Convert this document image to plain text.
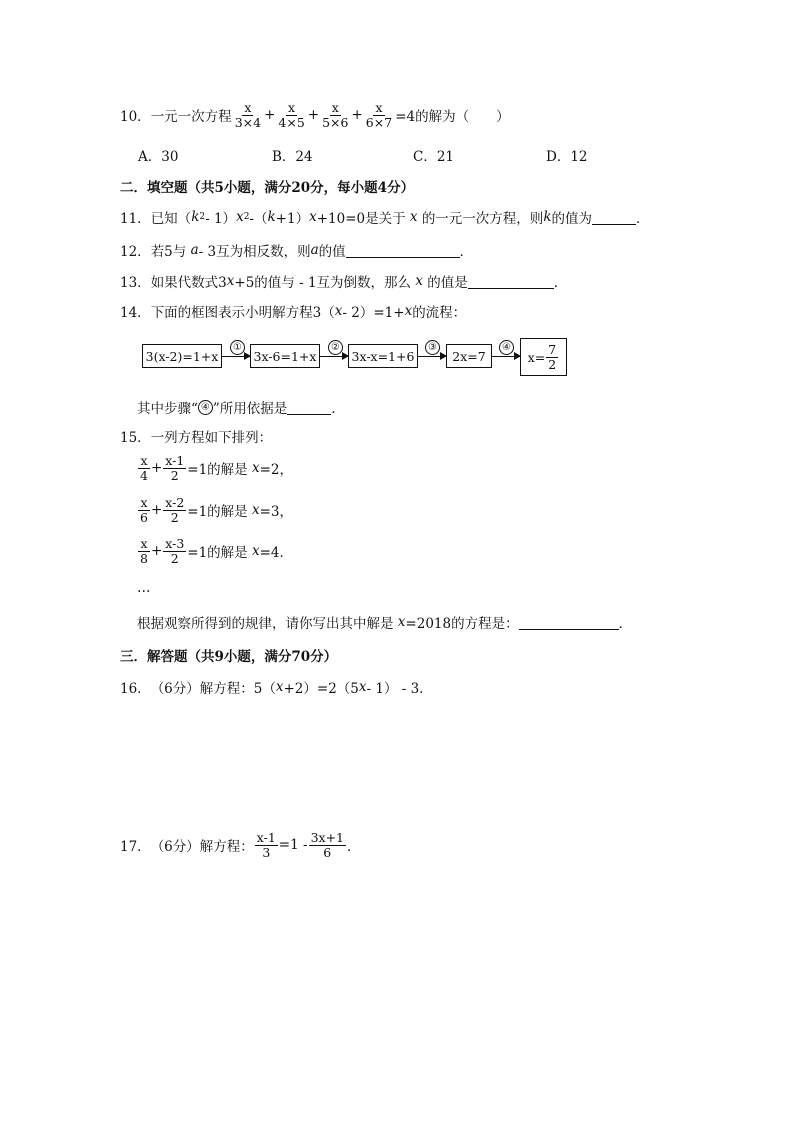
10． 一元一次方程 $\frac{x}{3\times 4} + \frac{x}{4\times 5} + \frac{x}{5\times 6} + \frac{x}{6\times 7} =4$的解为（　　）
A．30	B．24	C．21	D．12
二．填空题（共5小题，满分20分，每小题4分）
11． 已知（ k 2 - 1） x 2 -（ k +1） x +10=0是关于
x
的一元一次方程，则 k 的值为	．
12． 若5与
a - 3互为相反数，则 a 的值	．
13． 如果代数式3 x +5的值与 - 1互为倒数，那么
x
的值是	．
14． 下面的框图表示小明解方程3（ x - 2）=1+ x 的流程：
3(x-2)=1+x
①
3x-6=1+x
②
3x-x=1+6
③
2x=7
④
$x= \frac{7}{2}$
其中步骤“ ④ ”所用依据是	．
15． 一列方程如下排列：
$\frac{x}{4} + \frac{x-1}{2} =1$的解是
x =2，
$\frac{x}{6} + \frac{x-2}{2} =1$的解是
x =3，
$\frac{x}{8} + \frac{x-3}{2} =1$的解是
x =4．
…
根据观察所得到的规律，请你写出其中解是
x =2018的方程是：	．
三．解答题（共9小题，满分70分）
16． （6分）解方程：5（ x +2）=2（5 x - 1） - 3．
17． （6分）解方程： $\frac{x-1}{3} =1 - \frac{3x+1}{6}$ ．
